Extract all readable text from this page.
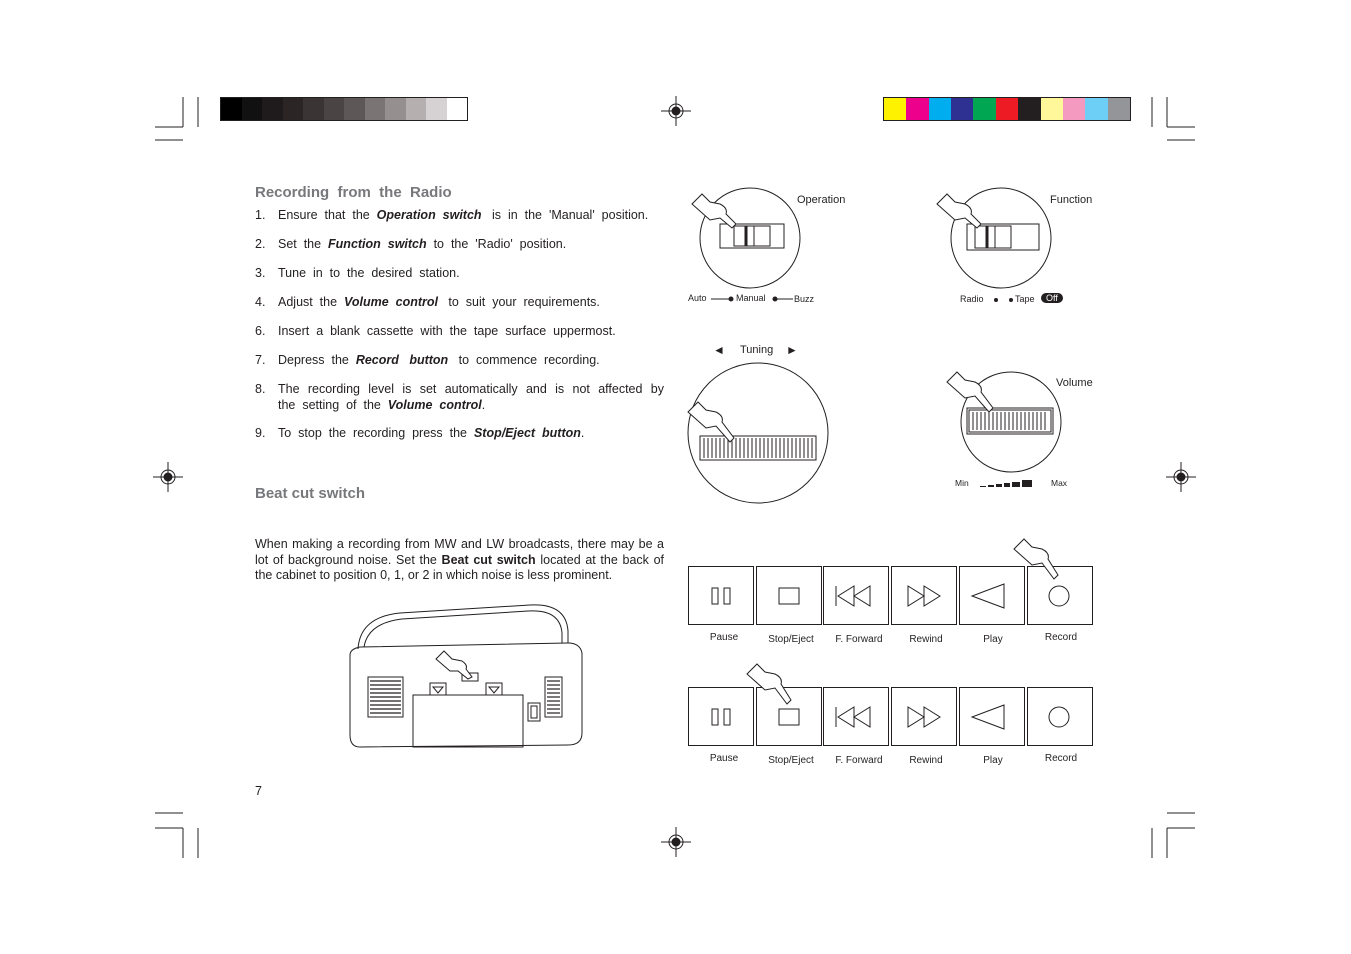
Recording  from  the  Radio
1. Ensure  that  the  Operation  switch   is  in  the  'Manual'  position.
2. Set  the  Function  switch  to  the  'Radio'  position.
3. Tune  in  to  the  desired  station.
4. Adjust  the  Volume  control   to  suit  your  requirements.
6. Insert  a  blank  cassette  with  the  tape  surface  uppermost.
7. Depress  the  Record   button   to  commence  recording.
8. The  recording  level  is  set  automatically  and  is  not  affected  by  the  setting  of  the  Volume  control.
9. To  stop  the  recording  press  the  Stop/Eject  button.
Beat cut switch
When making a recording from MW and LW broadcasts, there may be a lot of background noise. Set the Beat cut switch located at the back of the cabinet to position 0, 1, or 2 in which noise is less prominent.
7
Operation
Auto	Manual	Buzz
Function
Radio	Tape	Off
◄ Tuning ►
Volume
Min	Max
Pause	Stop/Eject	F. Forward	Rewind	Play	Record
Pause	Stop/Eject	F. Forward	Rewind	Play	Record
